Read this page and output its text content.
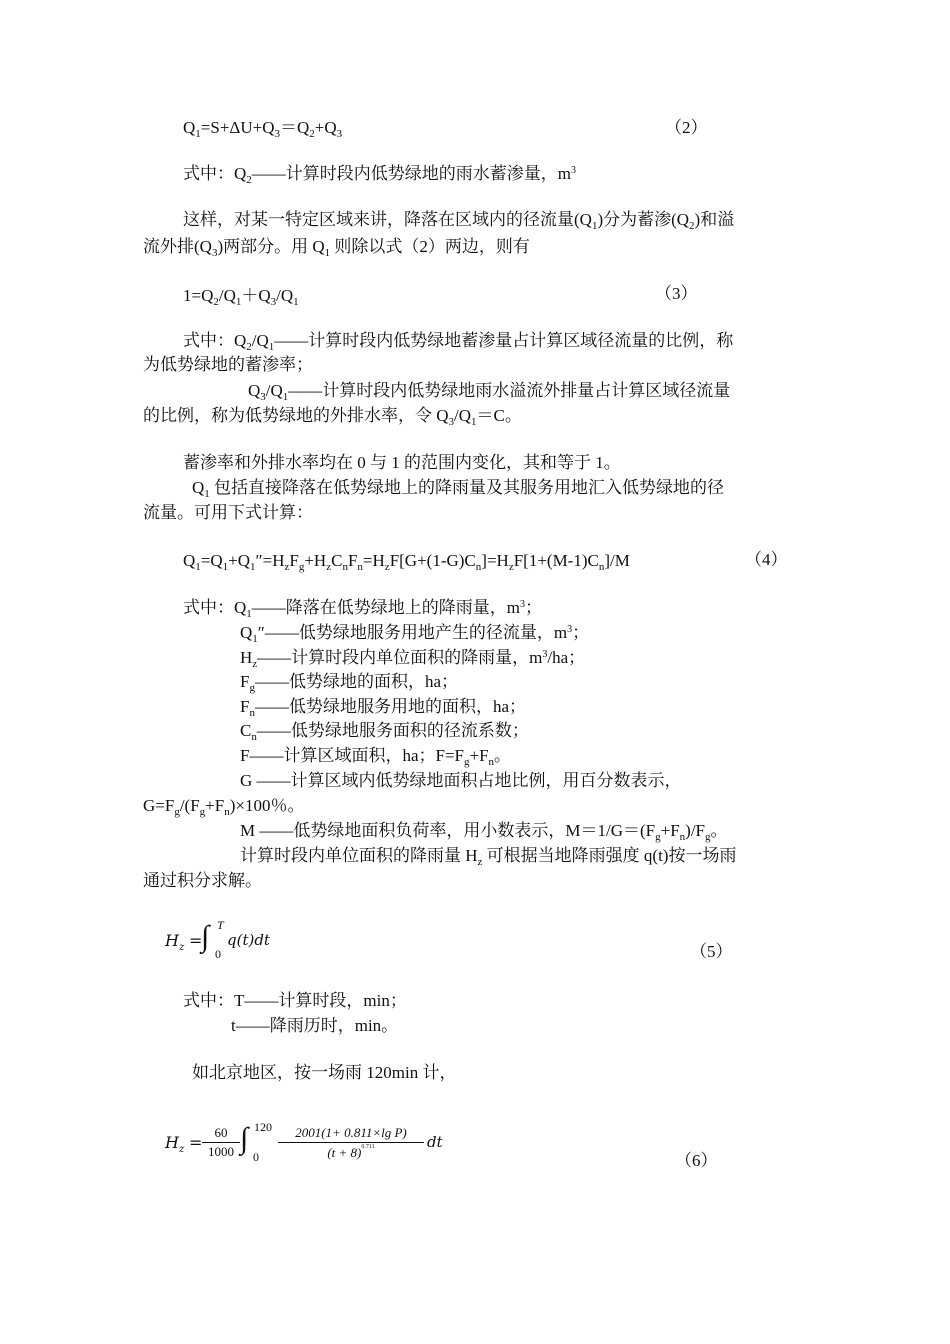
$Q_1=S+\Delta U+Q_3=Q_2+Q_3$	（2）
式中：$Q_2——$计算时段内低势绿地的雨水蓄渗量，$m^3$
这样，对某一特定区域来讲，降落在区域内的径流量$(Q_1)$分为蓄渗$(Q_2)$和溢
流外排$(Q_3)$两部分。用 $Q_1$ 则除以式（2）两边，则有
$1=Q_2/Q_1+Q_3/Q_1$	（3）
式中：$Q_2/Q_1——$计算时段内低势绿地蓄渗量占计算区域径流量的比例，称
为低势绿地的蓄渗率；
$Q_3/Q_1——$计算时段内低势绿地雨水溢流外排量占计算区域径流量
的比例，称为低势绿地的外排水率，令 $Q_3/Q_1=C$。
蓄渗率和外排水率均在 0 与 1 的范围内变化，其和等于 1。
$Q_1$ 包括直接降落在低势绿地上的降雨量及其服务用地汇入低势绿地的径
流量。可用下式计算：
$Q_1=Q_1+Q_1''=H_zF_g+H_zC_nF_n=H_zF[G+(1-G)C_n]=H_zF[1+(M-1)C_n]/M$	（4）
式中：$Q_1——$降落在低势绿地上的降雨量，$m^3$；
$Q_1''——$低势绿地服务用地产生的径流量，$m^3$；
$H_z——$计算时段内单位面积的降雨量，$m^3/ha$；
$F_g——$低势绿地的面积，ha；
$F_n——$低势绿地服务用地的面积，ha；
$C_n——$低势绿地服务面积的径流系数；
F——计算区域面积，ha；$F=F_g+F_n$。
G ——计算区域内低势绿地面积占地比例，用百分数表示，
$G=F_g/(F_g+F_n)\times 100$％。
M ——低势绿地面积负荷率，用小数表示，$M=1/G=(F_g+F_n)/F_g$。
计算时段内单位面积的降雨量 $H_z$ 可根据当地降雨强度 q(t)按一场雨
通过积分求解。
$H_z$ =
∫ T
0
q(t)dt
（5）
式中：T——计算时段，min；
t——降雨历时，min。
如北京地区，按一场雨 120min 计，
$H_z = \frac{60}{1000}$ ∫ 120
$0 \frac{\text{2001(1+ 0.811×lg P)}}{(t + 8)^{0.711}}$ dt
（6）
